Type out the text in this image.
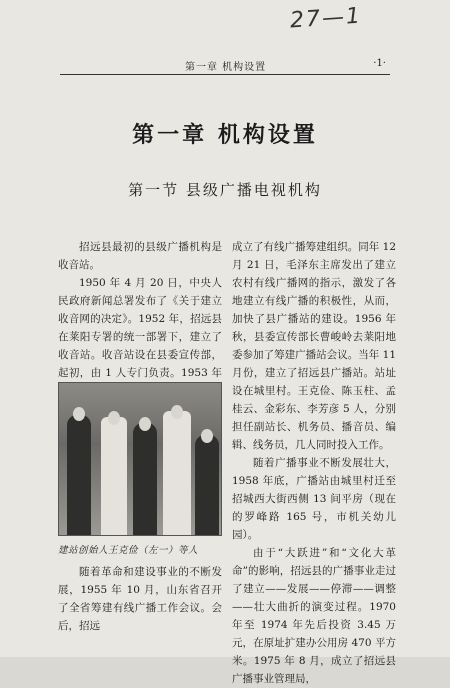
27—1
第一章 机构设置	·1·
第一章 机构设置
第一节 县级广播电视机构

招远县最初的县级广播机构是收音站。

1950 年 4 月 20 日，中央人民政府新闻总署发布了《关于建立收音网的决定》。1952 年，招远县在莱阳专署的统一部署下，建立了收音站。收音站设在县委宣传部，起初，由 1 人专门负责。1953 年

建站创始人王克俭（左一）等人

随着革命和建设事业的不断发展，1955 年 10 月，山东省召开了全省筹建有线广播工作会议。会后，招远

成立了有线广播筹建组织。同年 12 月 21 日，毛泽东主席发出了建立农村有线广播网的指示，激发了各地建立有线广播的积极性，从而，加快了县广播站的建设。1956 年秋，县委宣传部长曹峻岭去莱阳地委参加了筹建广播站会议。当年 11 月份，建立了招远县广播站。站址设在城里村。王克俭、陈玉柱、孟桂云、金彩东、李芳彦 5 人，分别担任副站长、机务员、播音员、编辑、线务员，几人同时投入工作。

随着广播事业不断发展壮大，1958 年底，广播站由城里村迁至招城西大街西侧 13 间平房（现在的罗峰路 165 号，市机关幼儿园）。

由于“大跃进”和“文化大革命”的影响，招远县的广播事业走过了建立——发展——停滞——调整——壮大曲折的演变过程。1970 年至 1974 年先后投资 3.45 万元，在原址扩建办公用房 470 平方米。1975 年 8 月，成立了招远县广播事业管理局，
